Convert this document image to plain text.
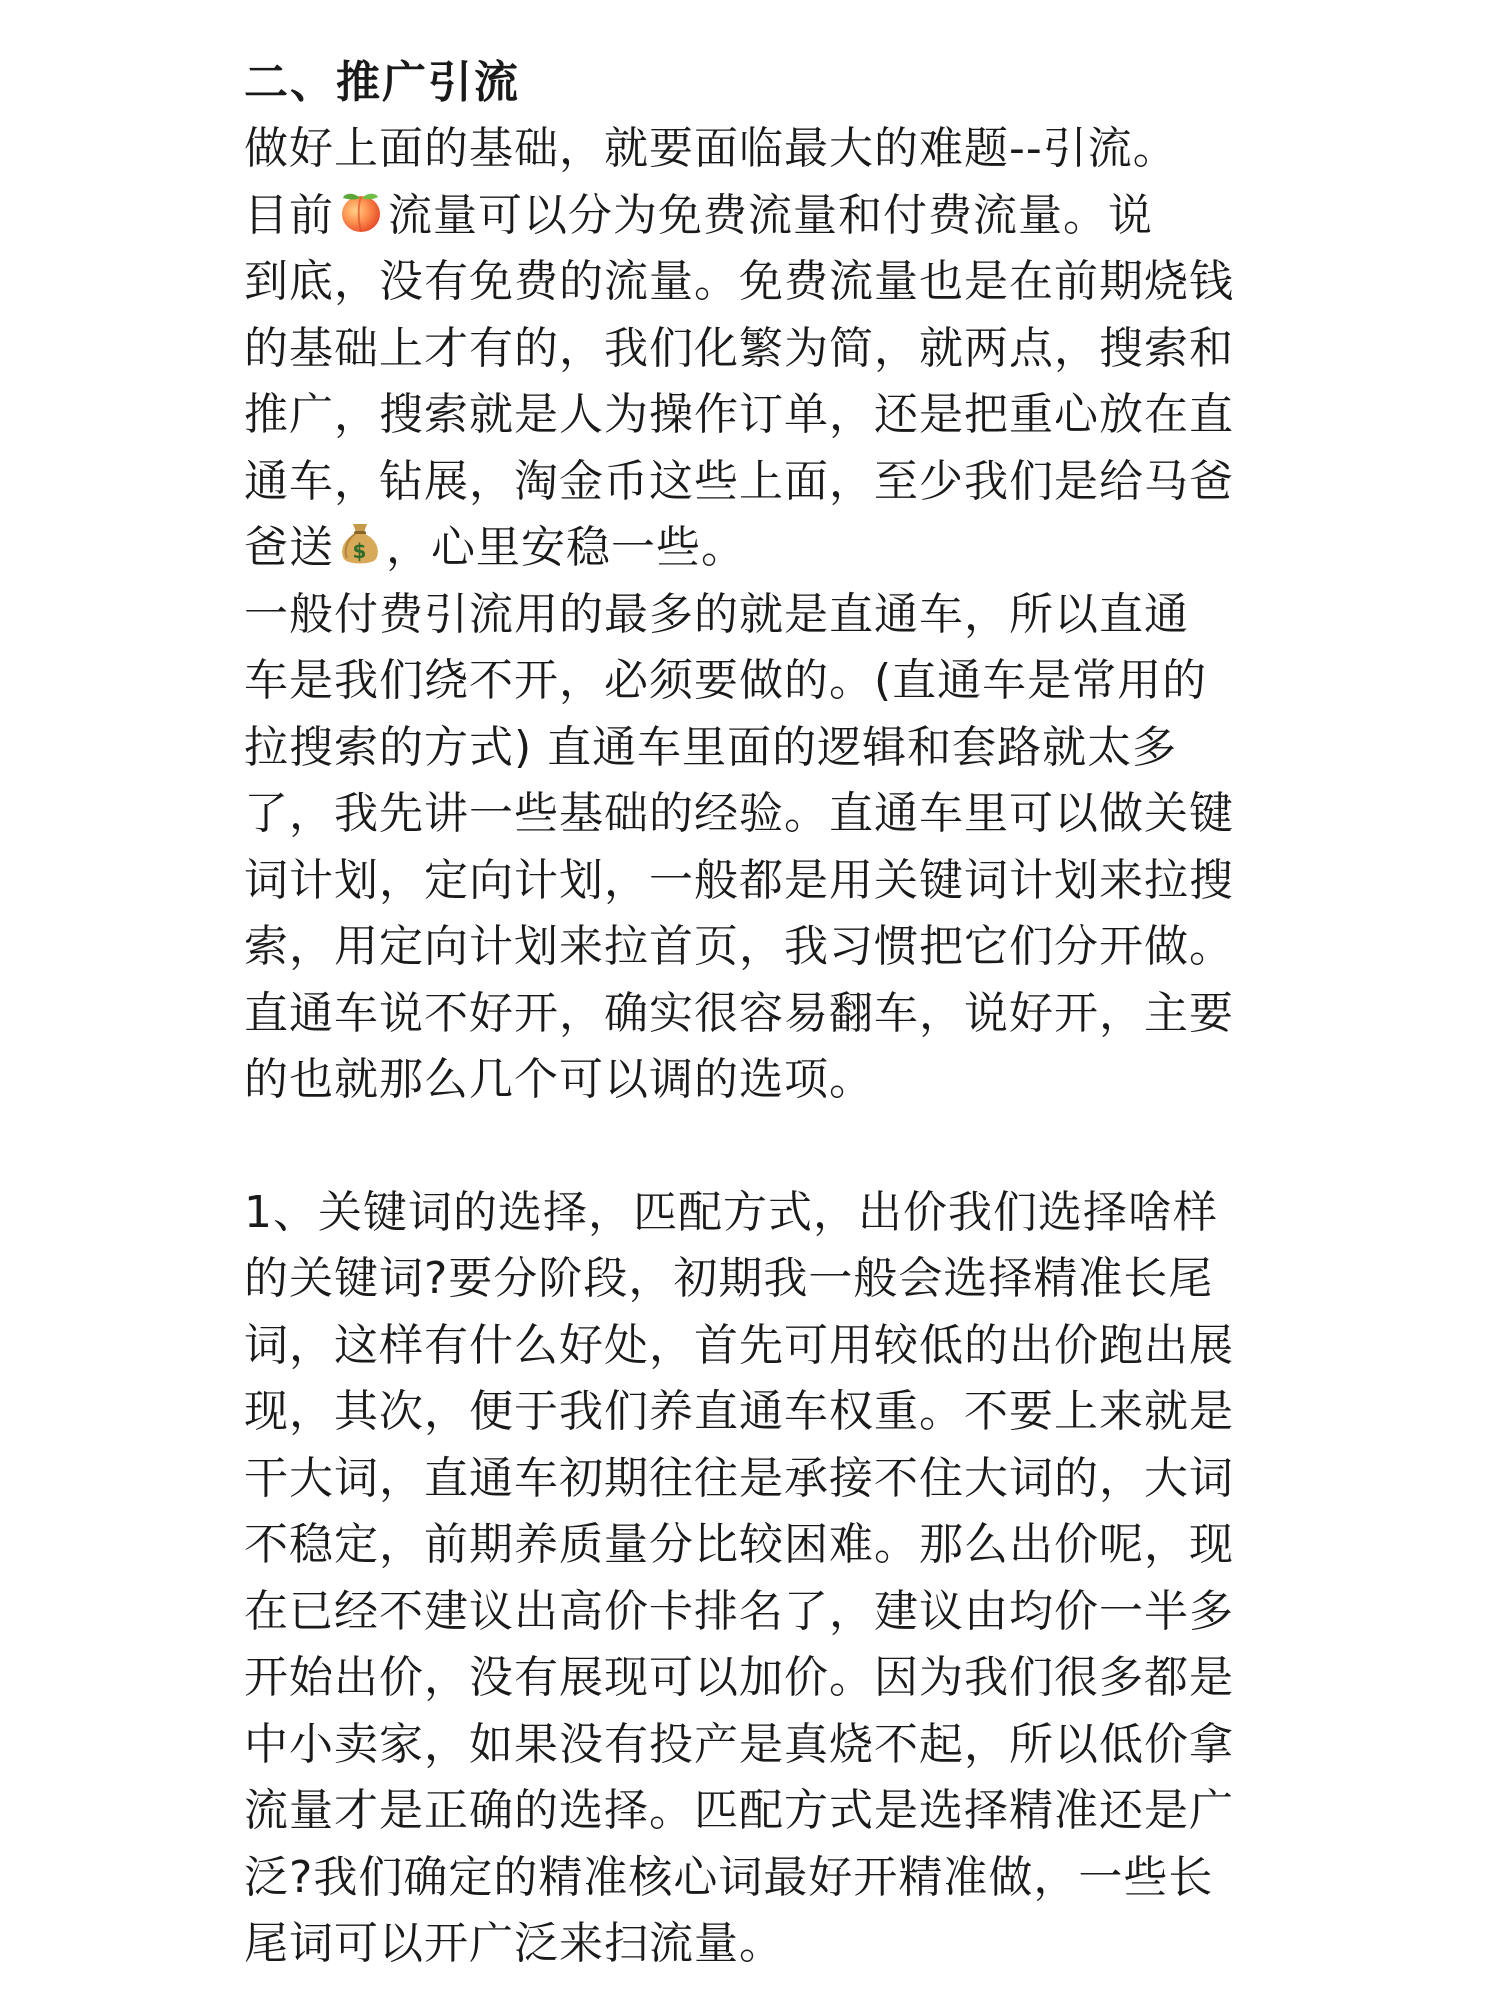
二、推广引流
做好上面的基础，就要面临最大的难题--引流。
目前 流量可以分为免费流量和付费流量。说
到底，没有免费的流量。免费流量也是在前期烧钱
的基础上才有的，我们化繁为简，就两点，搜索和
推广，搜索就是人为操作订单，还是把重心放在直
通车，钻展，淘金币这些上面，至少我们是给马爸
爸送 $ ，心里安稳一些。
一般付费引流用的最多的就是直通车，所以直通
车是我们绕不开，必须要做的。(直通车是常用的
拉搜索的方式) 直通车里面的逻辑和套路就太多
了，我先讲一些基础的经验。直通车里可以做关键
词计划，定向计划，一般都是用关键词计划来拉搜
索，用定向计划来拉首页，我习惯把它们分开做。
直通车说不好开，确实很容易翻车，说好开，主要
的也就那么几个可以调的选项。
1、关键词的选择，匹配方式，出价我们选择啥样
的关键词?要分阶段，初期我一般会选择精准长尾
词，这样有什么好处，首先可用较低的出价跑出展
现，其次，便于我们养直通车权重。不要上来就是
干大词，直通车初期往往是承接不住大词的，大词
不稳定，前期养质量分比较困难。那么出价呢，现
在已经不建议出高价卡排名了，建议由均价一半多
开始出价，没有展现可以加价。因为我们很多都是
中小卖家，如果没有投产是真烧不起，所以低价拿
流量才是正确的选择。匹配方式是选择精准还是广
泛?我们确定的精准核心词最好开精准做，一些长
尾词可以开广泛来扫流量。
